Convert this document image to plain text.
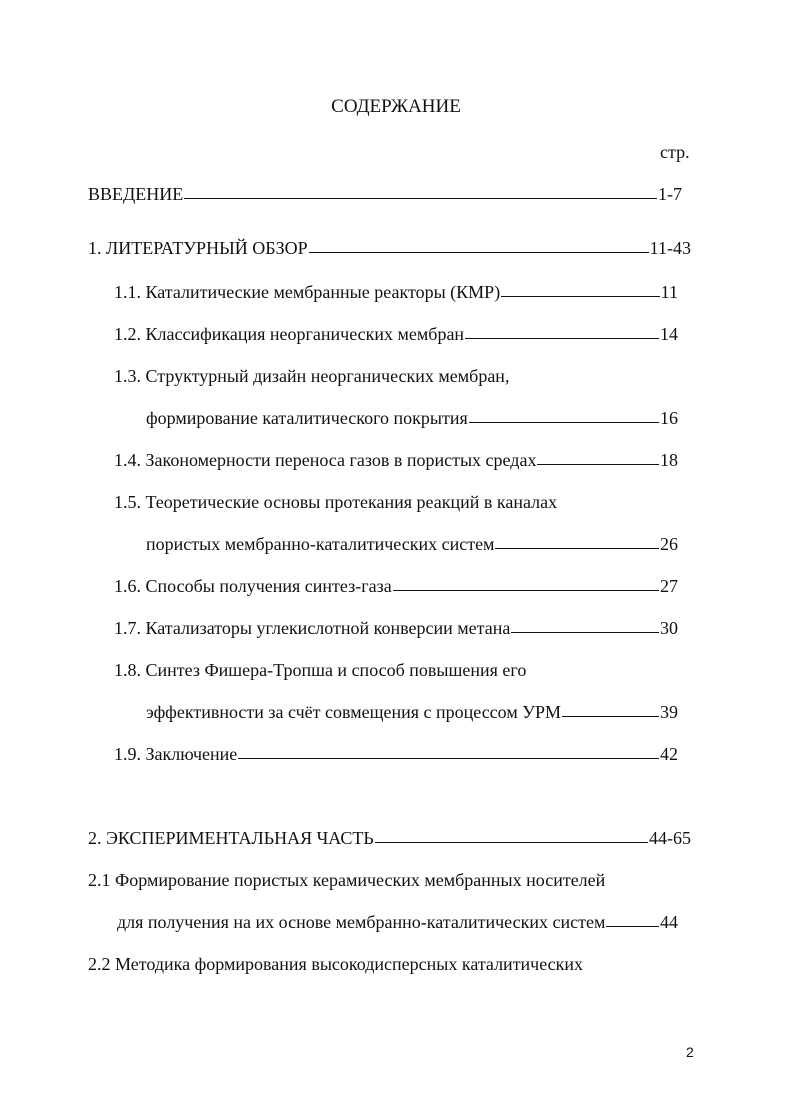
СОДЕРЖАНИЕ
стр.
ВВЕДЕНИЕ	1-7
1. ЛИТЕРАТУРНЫЙ ОБЗОР	11-43
1.1. Каталитические мембранные реакторы (КМР)	11
1.2. Классификация неорганических мембран	14
1.3. Структурный дизайн неорганических мембран,
формирование каталитического покрытия	16
1.4. Закономерности переноса газов в пористых средах	18
1.5. Теоретические основы протекания реакций в каналах
пористых мембранно-каталитических систем	26
1.6. Способы получения синтез-газа	27
1.7. Катализаторы углекислотной конверсии метана	30
1.8. Синтез Фишера-Тропша и способ повышения его
эффективности за счёт совмещения с процессом УРМ	39
1.9. Заключение	42
2. ЭКСПЕРИМЕНТАЛЬНАЯ ЧАСТЬ	44-65
2.1 Формирование пористых керамических мембранных носителей
для получения на их основе мембранно-каталитических систем	44
2.2 Методика формирования высокодисперсных каталитических
2
